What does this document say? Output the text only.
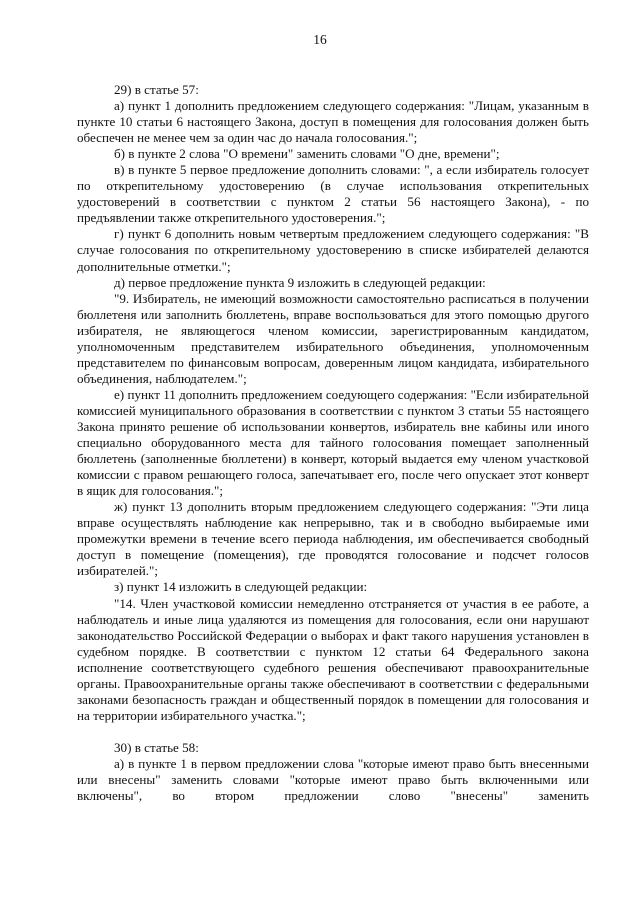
16

29) в статье 57:

а) пункт 1 дополнить предложением следующего содержания: "Лицам, указанным в пункте 10 статьи 6 настоящего Закона, доступ в помещения для голосования должен быть обеспечен не менее чем за один час до начала голосования.";

б) в пункте 2 слова "О времени" заменить словами "О дне, времени";

в) в пункте 5 первое предложение дополнить словами: ", а если избиратель голосует по открепительному удостоверению (в случае использования открепительных удостоверений в соответствии с пунктом 2 статьи 56 настоящего Закона), - по предъявлении также открепительного удостоверения.";

г) пункт 6 дополнить новым четвертым предложением следующего содержания: "В случае голосования по открепительному удостоверению в списке избирателей делаются дополнительные отметки.";

д) первое предложение пункта 9 изложить в следующей редакции:

"9. Избиратель, не имеющий возможности самостоятельно расписаться в получении бюллетеня или заполнить бюллетень, вправе воспользоваться для этого помощью другого избирателя, не являющегося членом комиссии, зарегистрированным кандидатом, уполномоченным представителем избирательного объединения, уполномоченным представителем по финансовым вопросам, доверенным лицом кандидата, избирательного объединения, наблюдателем.";

е) пункт 11 дополнить предложением соедующего содержания: "Если избирательной комиссией муниципального образования в соответствии с пунктом 3 статьи 55 настоящего Закона принято решение об использовании конвертов, избиратель вне кабины или иного специально оборудованного места для тайного голосования помещает заполненный бюллетень (заполненные бюллетени) в конверт, который выдается ему членом участковой комиссии с правом решающего голоса, запечатывает его, после чего опускает этот конверт в ящик для голосования.";

ж) пункт 13 дополнить вторым предложением следующего содержания: "Эти лица вправе осуществлять наблюдение как непрерывно, так и в свободно выбираемые ими промежутки времени в течение всего периода наблюдения, им обеспечивается свободный доступ в помещение (помещения), где проводятся голосование и подсчет голосов избирателей.";

з) пункт 14 изложить в следующей редакции:

"14. Член участковой комиссии немедленно отстраняется от участия в ее работе, а наблюдатель и иные лица удаляются из помещения для голосования, если они нарушают законодательство Российской Федерации о выборах и факт такого нарушения установлен в судебном порядке. В соответствии с пунктом 12 статьи 64 Федерального закона исполнение соответствующего судебного решения обеспечивают правоохранительные органы. Правоохранительные органы также обеспечивают в соответствии с федеральными законами безопасность граждан и общественный порядок в помещении для голосования и на территории избирательного участка.";

30) в статье 58:

а) в пункте 1 в первом предложении слова "которые имеют право быть внесенными или внесены" заменить словами "которые имеют право быть включенными или включены", во втором предложении слово "внесены" заменить
